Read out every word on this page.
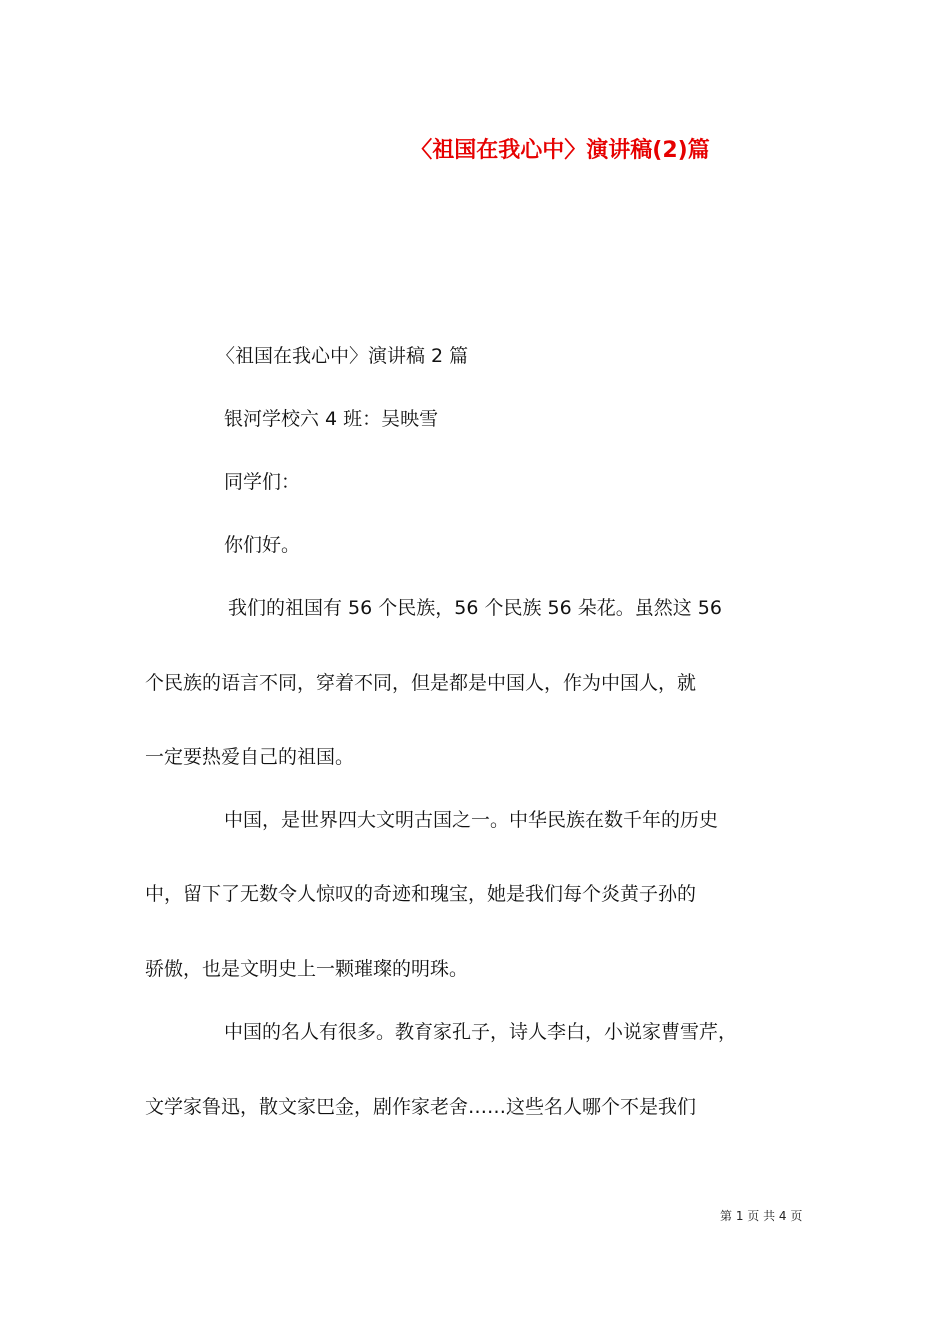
〈祖国在我心中〉演讲稿(2)篇
〈祖国在我心中〉演讲稿 2 篇
银河学校六 4 班：吴映雪
同学们：
你们好。
我们的祖国有 56 个民族，56 个民族 56 朵花。虽然这 56
个民族的语言不同，穿着不同，但是都是中国人，作为中国人，就
一定要热爱自己的祖国。
中国，是世界四大文明古国之一。中华民族在数千年的历史
中，留下了无数令人惊叹的奇迹和瑰宝，她是我们每个炎黄子孙的
骄傲，也是文明史上一颗璀璨的明珠。
中国的名人有很多。教育家孔子，诗人李白，小说家曹雪芹，
文学家鲁迅，散文家巴金，剧作家老舍……这些名人哪个不是我们
第 1 页 共 4 页
